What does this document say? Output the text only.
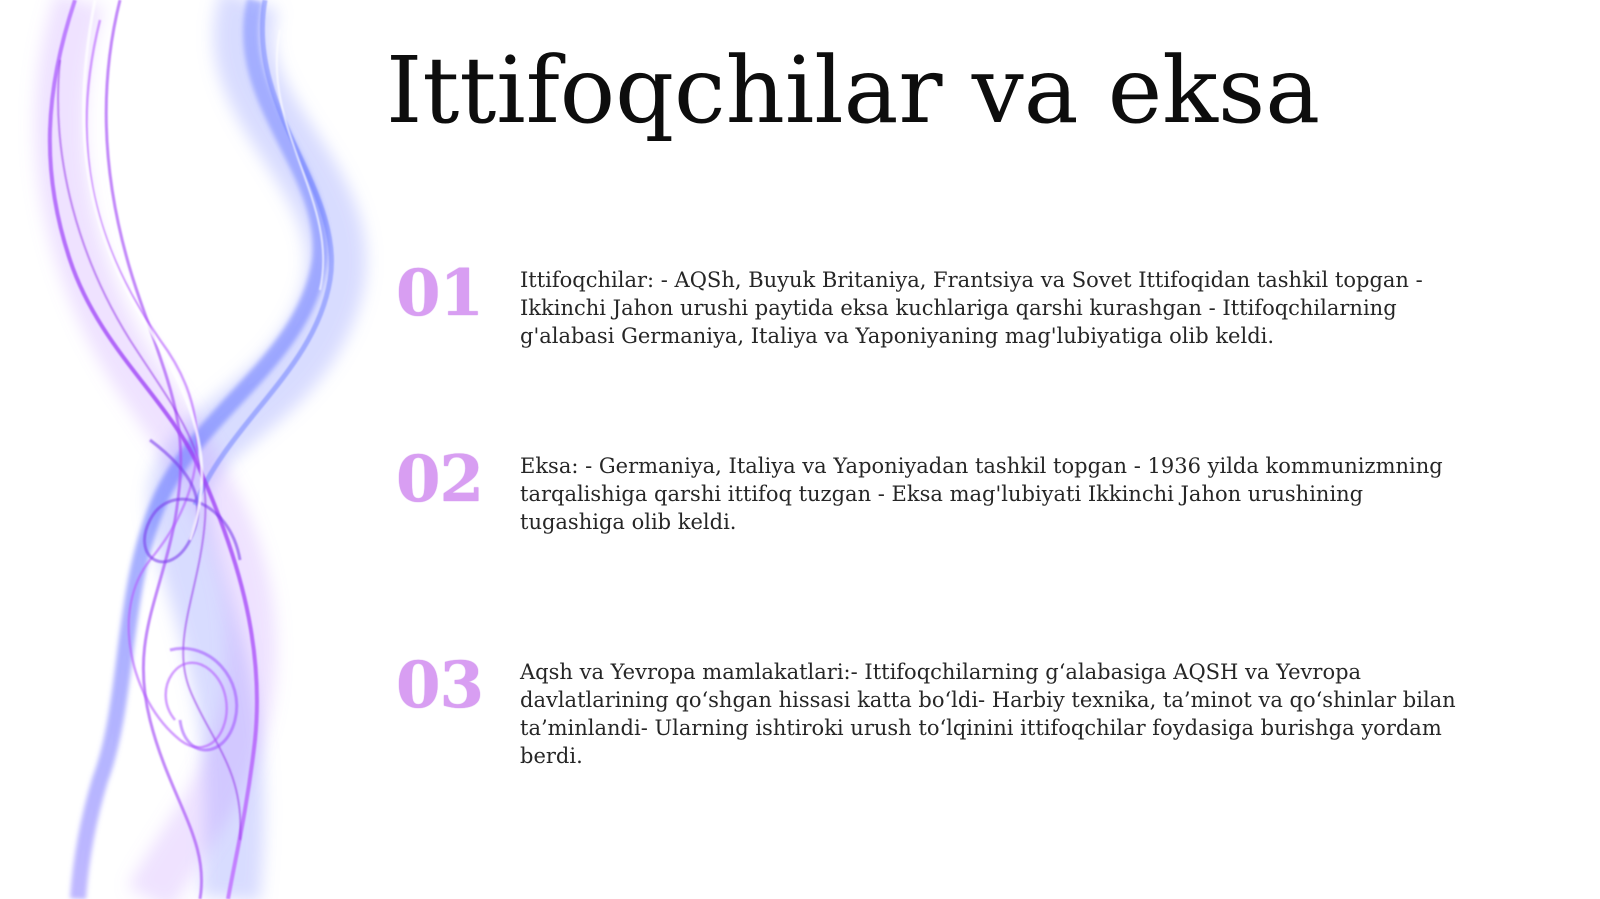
Ittifoqchilar va eksa
01 Ittifoqchilar: - AQSh, Buyuk Britaniya, Frantsiya va Sovet Ittifoqidan tashkil topgan - Ikkinchi Jahon urushi paytida eksa kuchlariga qarshi kurashgan - Ittifoqchilarning g'alabasi Germaniya, Italiya va Yaponiyaning mag'lubiyatiga olib keldi.

02 Eksa: - Germaniya, Italiya va Yaponiyadan tashkil topgan - 1936 yilda kommunizmning tarqalishiga qarshi ittifoq tuzgan - Eksa mag'lubiyati Ikkinchi Jahon urushining tugashiga olib keldi.

03 Aqsh va Yevropa mamlakatlari:- Ittifoqchilarning g‘alabasiga AQSH va Yevropa davlatlarining qo‘shgan hissasi katta bo‘ldi- Harbiy texnika, ta’minot va qo‘shinlar bilan ta’minlandi- Ularning ishtiroki urush to‘lqinini ittifoqchilar foydasiga burishga yordam berdi.
